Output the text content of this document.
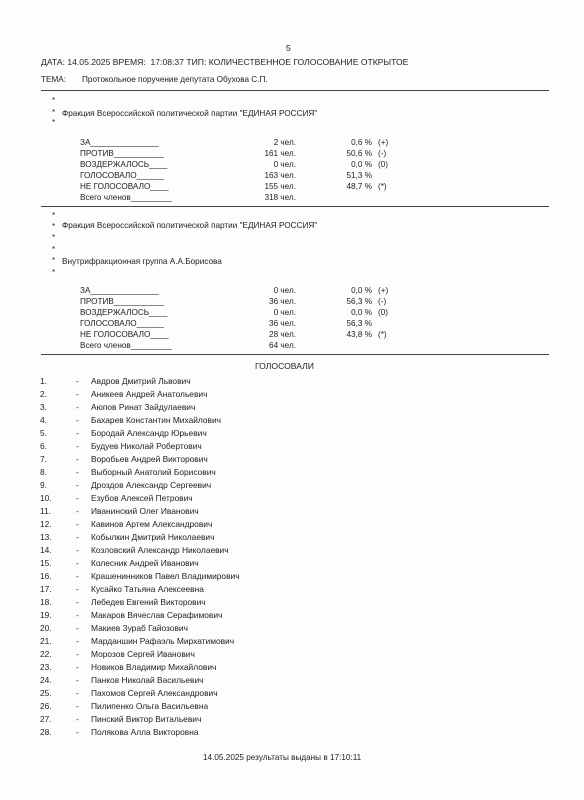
5
ДАТА: 14.05.2025 ВРЕМЯ: 17:08:37 ТИП: КОЛИЧЕСТВЕННОЕ ГОЛОСОВАНИЕ ОТКРЫТОЕ
ТЕМА: Протокольное поручение депутата Обухова С.П.
*
*
*
Фракция Всероссийской политической партии "ЕДИНАЯ РОССИЯ"
ЗА_______________	2 чел.	0,6 % (+)
ПРОТИВ___________	161 чел.	50,6 % (-)
ВОЗДЕРЖАЛОСЬ____	0 чел.	0,0 % (0)
ГОЛОСОВАЛО______	163 чел.	51,3 %
НЕ ГОЛОСОВАЛО____	155 чел.	48,7 % (*)
Всего членов_________	318 чел.
*
*
*
*
*
*
Фракция Всероссийской политической партии "ЕДИНАЯ РОССИЯ"
Внутрифракционная группа А.А.Борисова
ЗА_______________	0 чел.	0,0 % (+)
ПРОТИВ___________	36 чел.	56,3 % (-)
ВОЗДЕРЖАЛОСЬ____	0 чел.	0,0 % (0)
ГОЛОСОВАЛО______	36 чел.	56,3 %
НЕ ГОЛОСОВАЛО____	28 чел.	43,8 % (*)
Всего членов_________	64 чел.
ГОЛОСОВАЛИ
1.	- Авдров Дмитрий Львович
2.	- Аникеев Андрей Анатольевич
3.	- Аюпов Ринат Зайдулаевич
4.	- Бахарев Константин Михайлович
5.	- Бородай Александр Юрьевич
6.	- Будуев Николай Робертович
7.	- Воробьев Андрей Викторович
8.	- Выборный Анатолий Борисович
9.	- Дроздов Александр Сергеевич
10.	- Езубов Алексей Петрович
11.	- Иванинский Олег Иванович
12.	- Кавинов Артем Александрович
13.	- Кобылкин Дмитрий Николаевич
14.	- Козловский Александр Николаевич
15.	- Колесник Андрей Иванович
16.	- Крашенинников Павел Владимирович
17.	- Кусайко Татьяна Алексеевна
18.	- Лебедев Евгений Викторович
19.	- Макаров Вячеслав Серафимович
20.	- Макиев Зураб Гайозович
21.	- Марданшин Рафаэль Мирхатимович
22.	- Морозов Сергей Иванович
23.	- Новиков Владимир Михайлович
24.	- Панков Николай Васильевич
25.	- Пахомов Сергей Александрович
26.	- Пилипенко Ольга Васильевна
27.	- Пинский Виктор Витальевич
28.	- Полякова Алла Викторовна
14.05.2025 результаты выданы в 17:10:11
